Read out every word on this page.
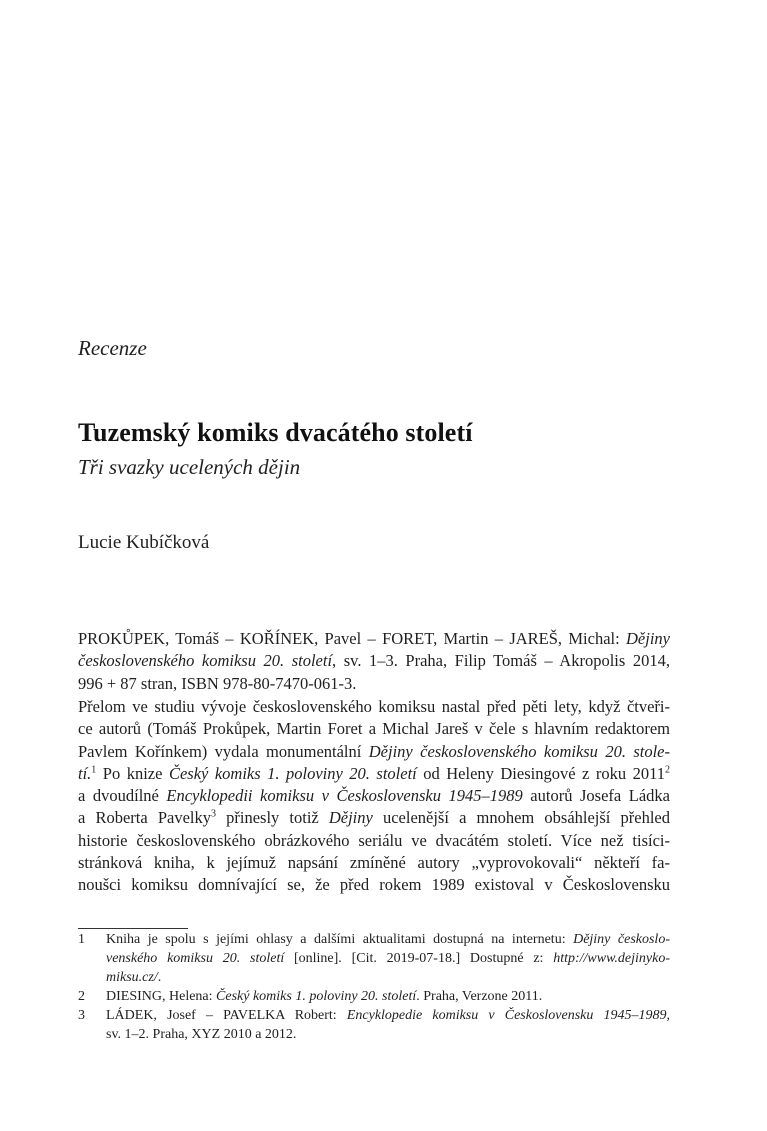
Recenze
Tuzemský komiks dvacátého století
Tři svazky ucelených dějin
Lucie Kubíčková
PROKŮPEK, Tomáš – KOŘÍNEK, Pavel – FORET, Martin – JAREŠ, Michal: Dějiny
československého komiksu 20. století, sv. 1–3. Praha, Filip Tomáš – Akropolis 2014,
996 + 87 stran, ISBN 978-80-7470-061-3.
Přelom ve studiu vývoje československého komiksu nastal před pěti lety, když čtveři-
ce autorů (Tomáš Prokůpek, Martin Foret a Michal Jareš v čele s hlavním redaktorem
Pavlem Kořínkem) vydala monumentální Dějiny československého komiksu 20. stole-
tí.$^1$ Po knize Český komiks 1. poloviny 20. století od Heleny Diesingové z roku 2011$^2$
a dvoudílné Encyklopedii komiksu v Československu 1945–1989 autorů Josefa Ládka
a Roberta Pavelky$^3$ přinesly totiž Dějiny ucelenější a mnohem obsáhlejší přehled
historie československého obrázkového seriálu ve dvacátém století. Více než tisíci-
stránková kniha, k jejímuž napsání zmíněné autory „vyprovokovali“ někteří fa-
noušci komiksu domnívající se, že před rokem 1989 existoval v Československu
1	Kniha je spolu s jejími ohlasy a dalšími aktualitami dostupná na internetu: Dějiny českoslo-
venského komiksu 20. století [online]. [Cit. 2019-07-18.] Dostupné z: http://www.dejinyko-
miksu.cz/.
2	DIESING, Helena: Český komiks 1. poloviny 20. století. Praha, Verzone 2011.
3	LÁDEK, Josef – PAVELKA Robert: Encyklopedie komiksu v Československu 1945–1989,
sv. 1–2. Praha, XYZ 2010 a 2012.
